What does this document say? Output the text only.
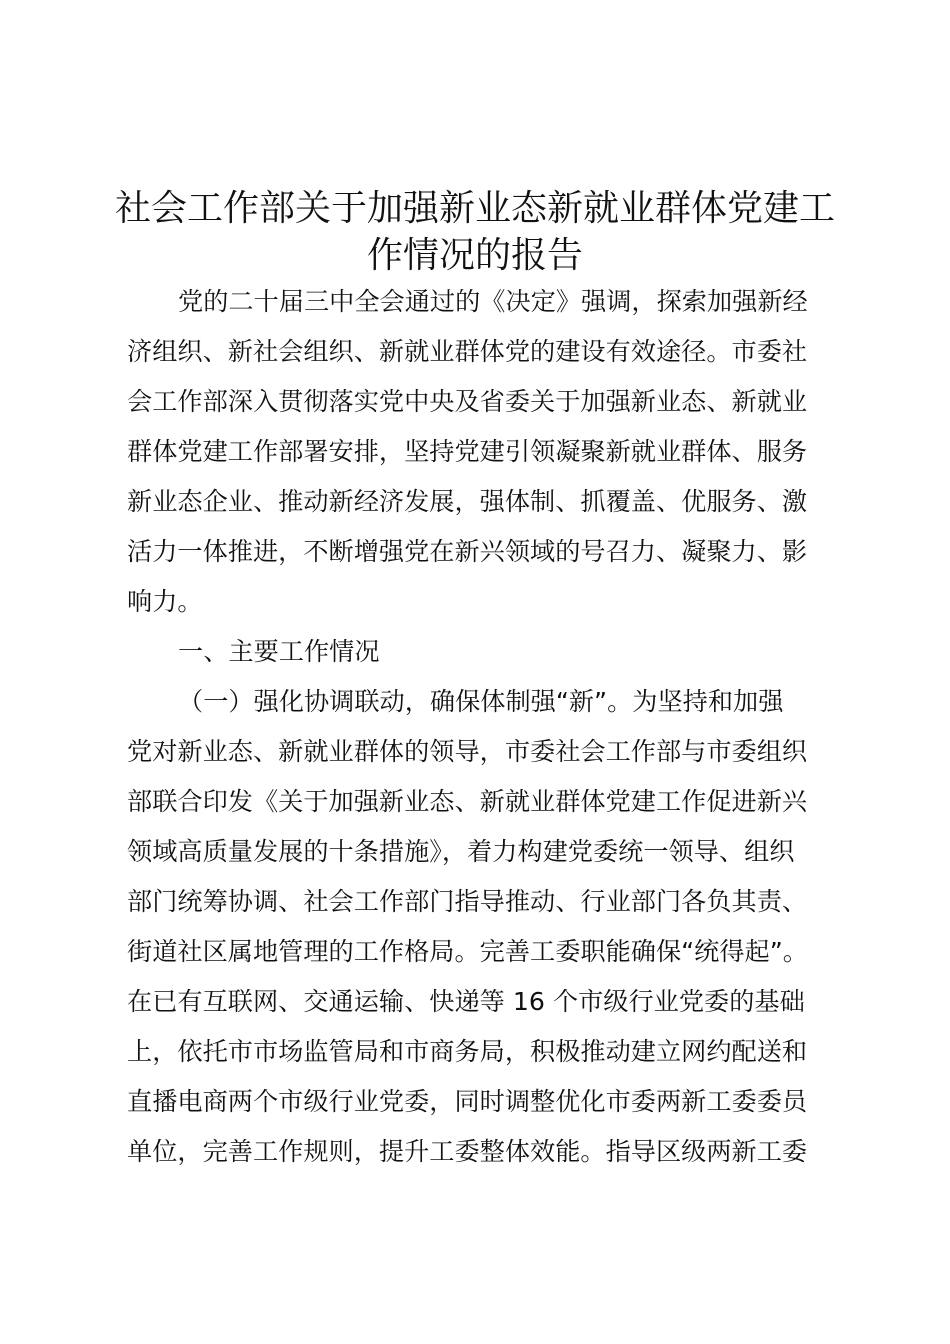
社会工作部关于加强新业态新就业群体党建工
作情况的报告
党的二十届三中全会通过的《决定》强调，探索加强新经
济组织、新社会组织、新就业群体党的建设有效途径。市委社
会工作部深入贯彻落实党中央及省委关于加强新业态、新就业
群体党建工作部署安排，坚持党建引领凝聚新就业群体、服务
新业态企业、推动新经济发展，强体制、抓覆盖、优服务、激
活力一体推进，不断增强党在新兴领域的号召力、凝聚力、影
响力。
一、主要工作情况
（一）强化协调联动，确保体制强“新”。为坚持和加强
党对新业态、新就业群体的领导，市委社会工作部与市委组织
部联合印发《关于加强新业态、新就业群体党建工作促进新兴
领域高质量发展的十条措施》，着力构建党委统一领导、组织
部门统筹协调、社会工作部门指导推动、行业部门各负其责、
街道社区属地管理的工作格局。完善工委职能确保“统得起”。
在已有互联网、交通运输、快递等 16 个市级行业党委的基础
上，依托市市场监管局和市商务局，积极推动建立网约配送和
直播电商两个市级行业党委，同时调整优化市委两新工委委员
单位，完善工作规则，提升工委整体效能。指导区级两新工委
